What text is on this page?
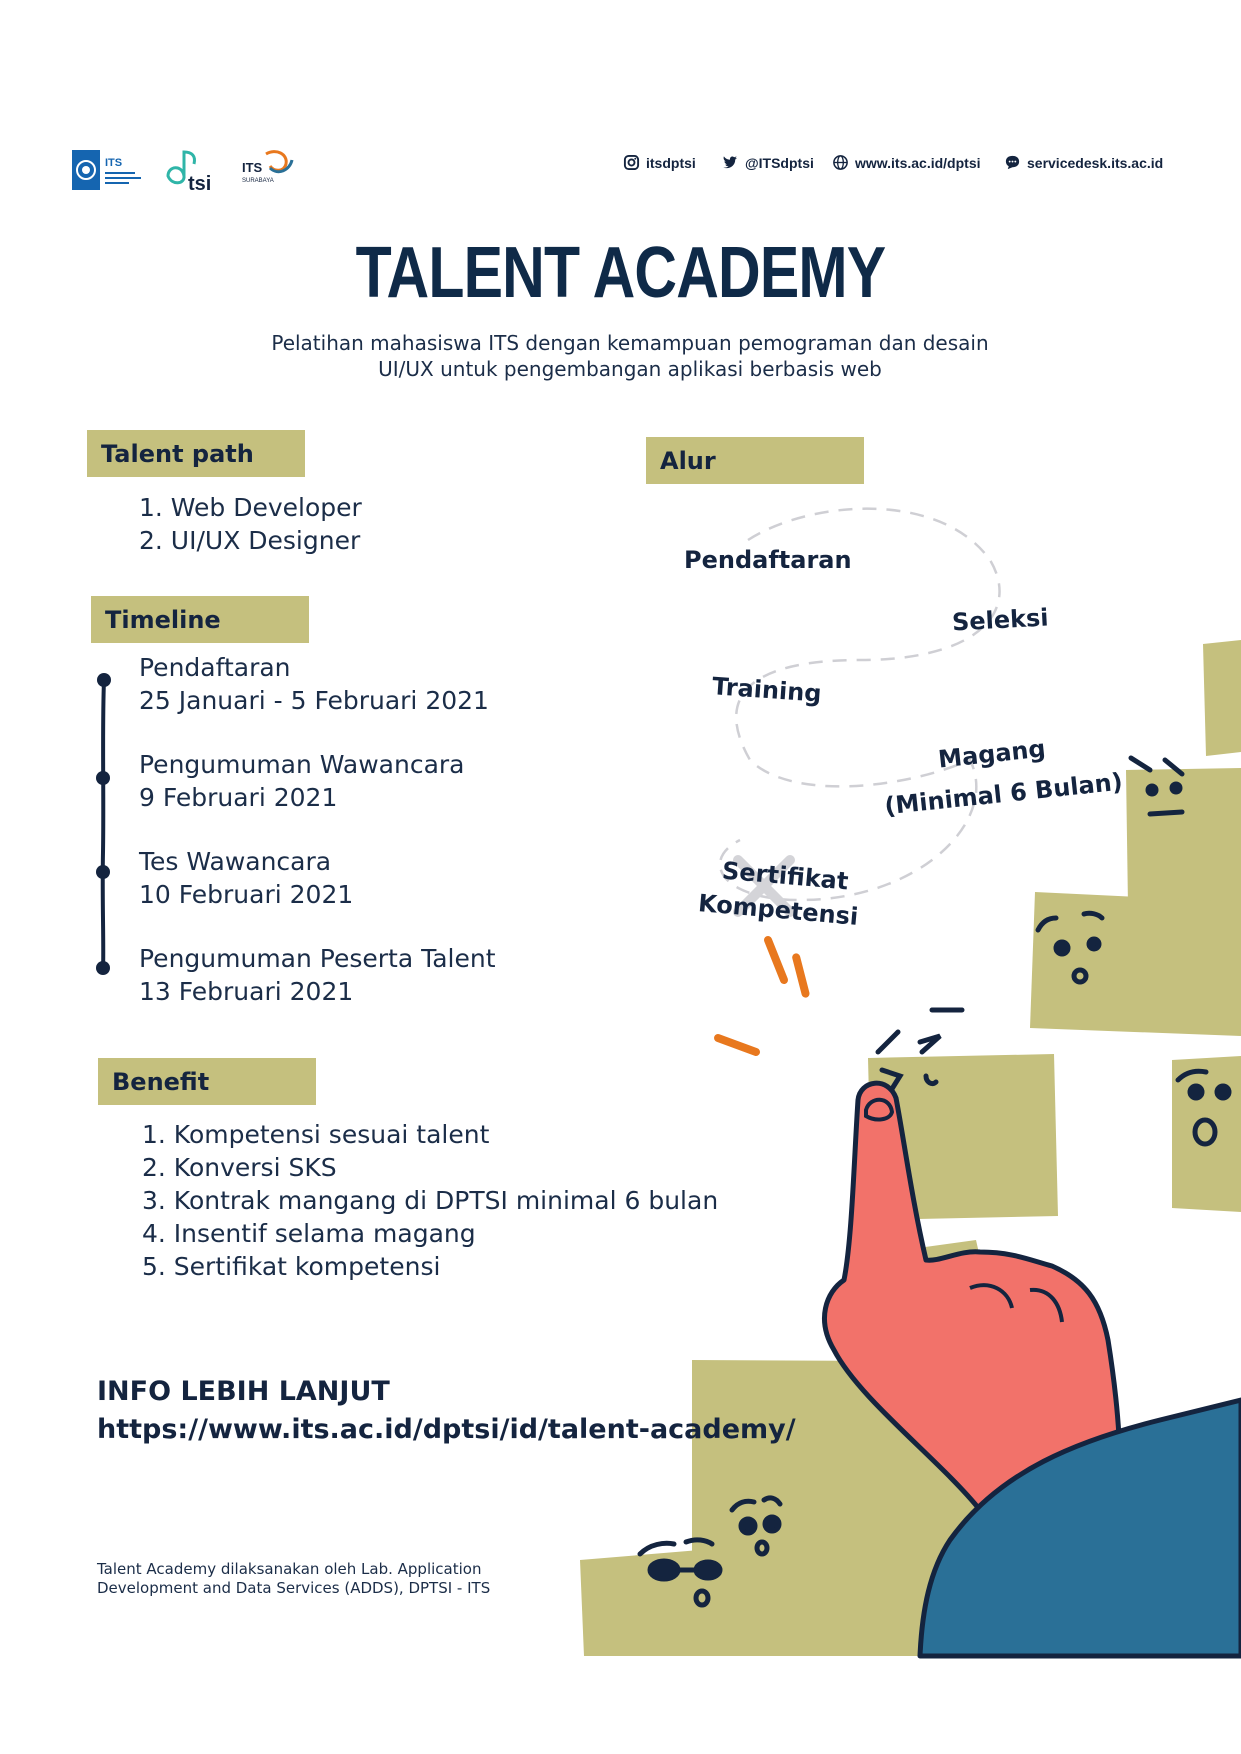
ITS
tsi
ITS
SURABAYA
itsdptsi	@ITSdptsi	www.its.ac.id/dptsi	servicedesk.its.ac.id
TALENT ACADEMY
Pelatihan mahasiswa ITS dengan kemampuan pemograman dan desain
UI/UX untuk pengembangan aplikasi berbasis web
Talent path
1. Web Developer
2. UI/UX Designer
Timeline
Pendaftaran
25 Januari - 5 Februari 2021
Pengumuman Wawancara
9 Februari 2021
Tes Wawancara
10 Februari 2021
Pengumuman Peserta Talent
13 Februari 2021
Benefit
1. Kompetensi sesuai talent
2. Konversi SKS
3. Kontrak mangang di DPTSI minimal 6 bulan
4. Insentif selama magang
5. Sertifikat kompetensi
Alur
Pendaftaran
Seleksi
Training
Magang
(Minimal 6 Bulan)
Sertifikat
Kompetensi
INFO LEBIH LANJUT
https://www.its.ac.id/dptsi/id/talent-academy/
Talent Academy dilaksanakan oleh Lab. Application
Development and Data Services (ADDS), DPTSI - ITS
